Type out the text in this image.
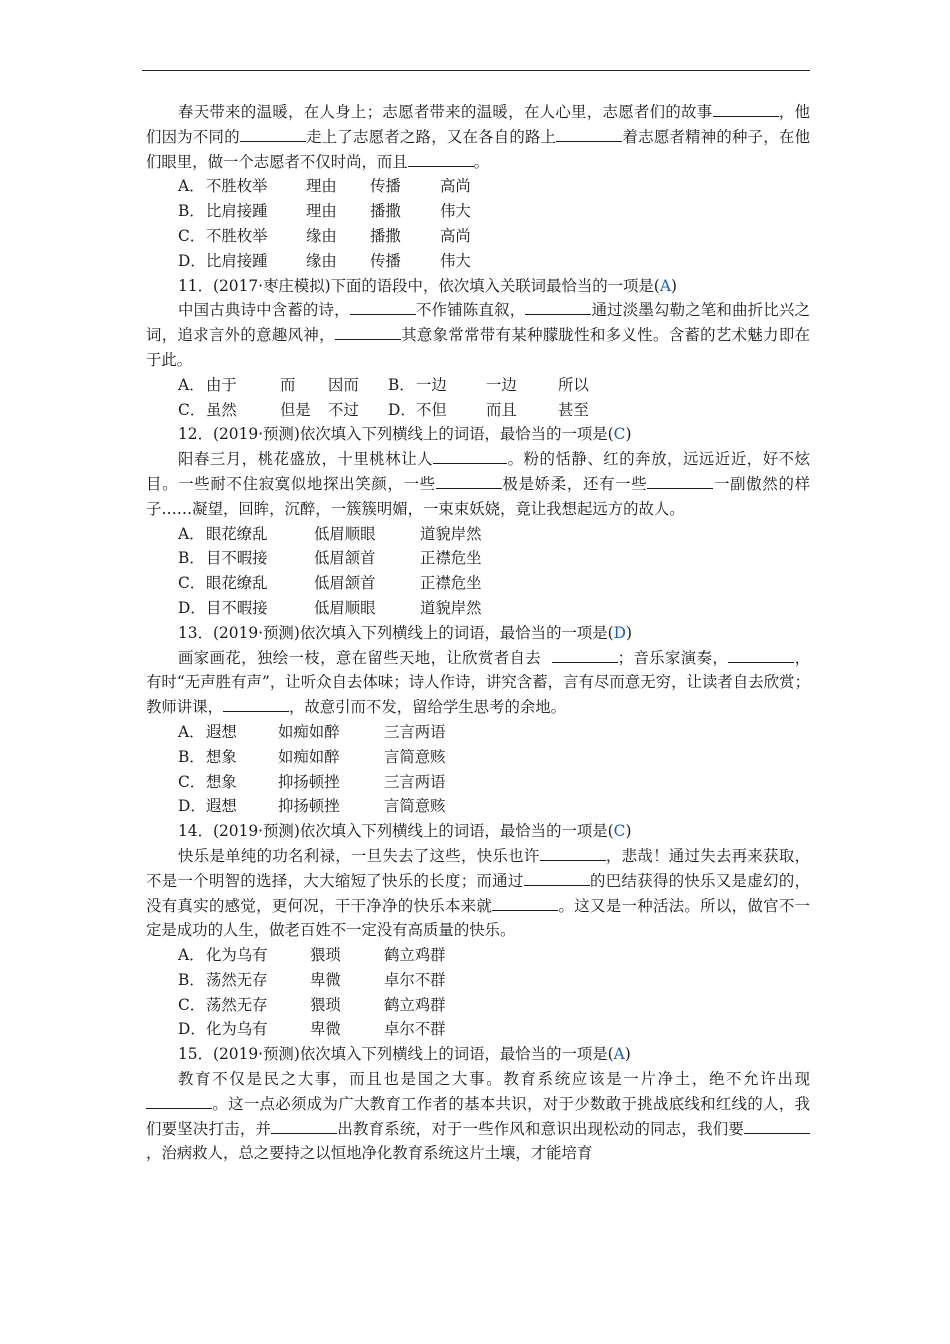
春天带来的温暖，在人身上；志愿者带来的温暖，在人心里，志愿者们的故事	，他们因为不同的	走上了志愿者之路，又在各自的路上	着志愿者精神的种子，在他们眼里，做一个志愿者不仅时尚，而且	。

A．不胜枚举 理由 传播	高尚

B．比肩接踵 理由 播撒	伟大

C．不胜枚举 缘由 播撒	高尚

D．比肩接踵 缘由 传播	伟大

11．(2017·枣庄模拟)下面的语段中，依次填入关联词最恰当的一项是(A)

中国古典诗中含蓄的诗，	不作铺陈直叙，	通过淡墨勾勒之笔和曲折比兴之词，追求言外的意趣风神，	其意象常常带有某种朦胧性和多义性。含蓄的艺术魅力即在于此。

A．由于	而 因而 B．一边	一边	所以

C．虽然	但是 不过 D．不但	而且	甚至

12．(2019·预测)依次填入下列横线上的词语，最恰当的一项是(C)

阳春三月，桃花盛放，十里桃林让人	。粉的恬静、红的奔放，远远近近，好不炫目。一些耐不住寂寞似地探出笑颜，一些	极是娇柔，还有一些	一副傲然的样子……凝望，回眸，沉醉，一簇簇明媚，一束束妖娆，竟让我想起远方的故人。

A．眼花缭乱	低眉顺眼	道貌岸然

B．目不暇接	低眉颔首	正襟危坐

C．眼花缭乱	低眉颔首	正襟危坐

D．目不暇接	低眉顺眼	道貌岸然

13．(2019·预测)依次填入下列横线上的词语，最恰当的一项是(D)

画家画花，独绘一枝，意在留些天地，让欣赏者自去	；音乐家演奏，	，有时“无声胜有声”，让听众自去体味；诗人作诗，讲究含蓄，言有尽而意无穷，让读者自去欣赏；教师讲课，	，故意引而不发，留给学生思考的余地。

A．遐想	如痴如醉	三言两语

B．想象	如痴如醉	言简意赅

C．想象	抑扬顿挫	三言两语

D．遐想	抑扬顿挫	言简意赅

14．(2019·预测)依次填入下列横线上的词语，最恰当的一项是(C)

快乐是单纯的功名利禄，一旦失去了这些，快乐也许	，悲哉！通过失去再来获取，不是一个明智的选择，大大缩短了快乐的长度；而通过	的巴结获得的快乐又是虚幻的，没有真实的感觉，更何况，干干净净的快乐本来就	。这又是一种活法。所以，做官不一定是成功的人生，做老百姓不一定没有高质量的快乐。

A．化为乌有	猥琐	鹤立鸡群

B．荡然无存	卑微	卓尔不群

C．荡然无存	猥琐	鹤立鸡群

D．化为乌有	卑微	卓尔不群

15．(2019·预测)依次填入下列横线上的词语，最恰当的一项是(A)

教育不仅是民之大事，而且也是国之大事。教育系统应该是一片净土，绝不允许出现。这一点必须成为广大教育工作者的基本共识，对于少数敢于挑战底线和红线的人，我们要坚决打击，并	出教育系统，对于一些作风和意识出现松动的同志，我们要，治病救人，总之要持之以恒地净化教育系统这片土壤，才能培育
